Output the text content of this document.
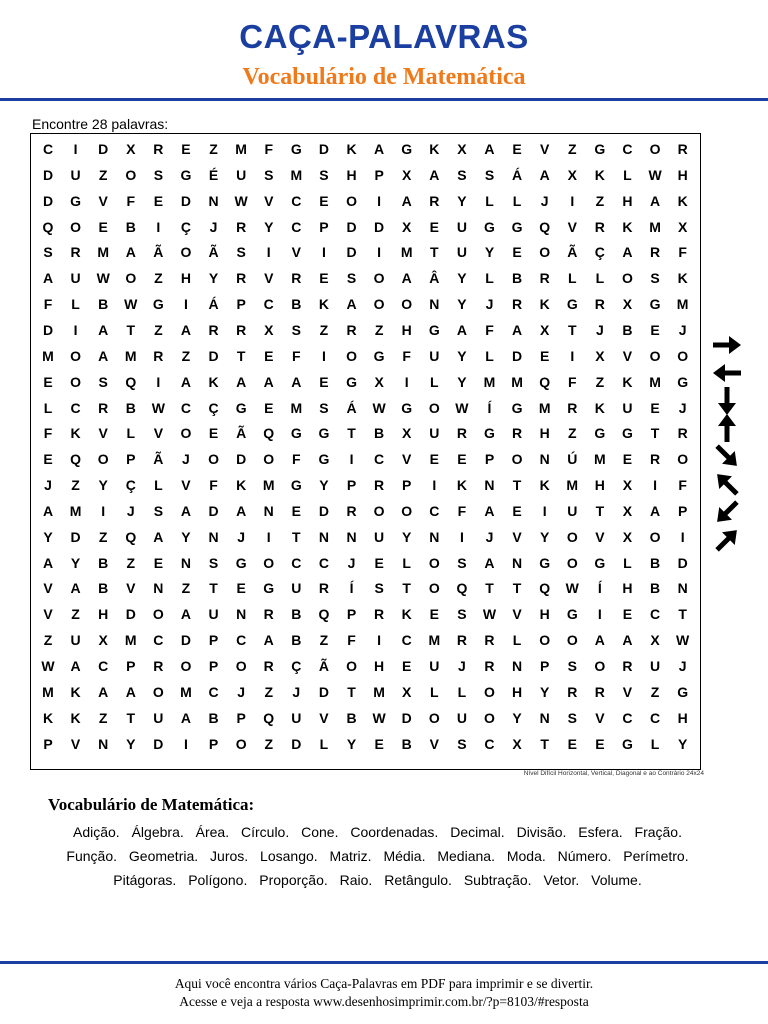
CAÇA-PALAVRAS
Vocabulário de Matemática
Encontre 28 palavras:
C	I	D	X	R	E	Z	M	F	G	D	K	A	G	K	X	A	E	V	Z	G	C	O	R
D	U	Z	O	S	G	É	U	S	M	S	H	P	X	A	S	S	Á	A	X	K	L	W	H
D	G	V	F	E	D	N	W	V	C	E	O	I	A	R	Y	L	L	J	I	Z	H	A	K
Q	O	E	B	I	Ç	J	R	Y	C	P	D	D	X	E	U	G	G	Q	V	R	K	M	X
S	R	M	A	Ã	O	Ã	S	I	V	I	D	I	M	T	U	Y	E	O	Ã	Ç	A	R	F
A	U	W	O	Z	H	Y	R	V	R	E	S	O	A	Â	Y	L	B	R	L	L	O	S	K
F	L	B	W	G	I	Á	P	C	B	K	A	O	O	N	Y	J	R	K	G	R	X	G	M
D	I	A	T	Z	A	R	R	X	S	Z	R	Z	H	G	A	F	A	X	T	J	B	E	J
M	O	A	M	R	Z	D	T	E	F	I	O	G	F	U	Y	L	D	E	I	X	V	O	O
E	O	S	Q	I	A	K	A	A	A	E	G	X	I	L	Y	M	M	Q	F	Z	K	M	G
L	C	R	B	W	C	Ç	G	E	M	S	Á	W	G	O	W	Í	G	M	R	K	U	E	J
F	K	V	L	V	O	E	Ã	Q	G	G	T	B	X	U	R	G	R	H	Z	G	G	T	R
E	Q	O	P	Ã	J	O	D	O	F	G	I	C	V	E	E	P	O	N	Ú	M	E	R	O
J	Z	Y	Ç	L	V	F	K	M	G	Y	P	R	P	I	K	N	T	K	M	H	X	I	F
A	M	I	J	S	A	D	A	N	E	D	R	O	O	C	F	A	E	I	U	T	X	A	P
Y	D	Z	Q	A	Y	N	J	I	T	N	N	U	Y	N	I	J	V	Y	O	V	X	O	I
A	Y	B	Z	E	N	S	G	O	C	C	J	E	L	O	S	A	N	G	O	G	L	B	D
V	A	B	V	N	Z	T	E	G	U	R	Í	S	T	O	Q	T	T	Q	W	Í	H	B	N
V	Z	H	D	O	A	U	N	R	B	Q	P	R	K	E	S	W	V	H	G	I	E	C	T
Z	U	X	M	C	D	P	C	A	B	Z	F	I	C	M	R	R	L	O	O	A	A	X	W
W	A	C	P	R	O	P	O	R	Ç	Ã	O	H	E	U	J	R	N	P	S	O	R	U	J
M	K	A	A	O	M	C	J	Z	J	D	T	M	X	L	L	O	H	Y	R	R	V	Z	G
K	K	Z	T	U	A	B	P	Q	U	V	B	W	D	O	U	O	Y	N	S	V	C	C	H
P	V	N	Y	D	I	P	O	Z	D	L	Y	E	B	V	S	C	X	T	E	E	G	L	Y
Nível Difícil Horizontal, Vertical, Diagonal e ao Contrário 24x24
Vocabulário de Matemática:
Adição. Álgebra. Área. Círculo. Cone. Coordenadas. Decimal. Divisão. Esfera. Fração. Função. Geometria. Juros. Losango. Matriz. Média. Mediana. Moda. Número. Perímetro. Pitágoras. Polígono. Proporção. Raio. Retângulo. Subtração. Vetor. Volume.
Aqui você encontra vários Caça-Palavras em PDF para imprimir e se divertir.
Acesse e veja a resposta www.desenhosimprimir.com.br/?p=8103/#resposta
